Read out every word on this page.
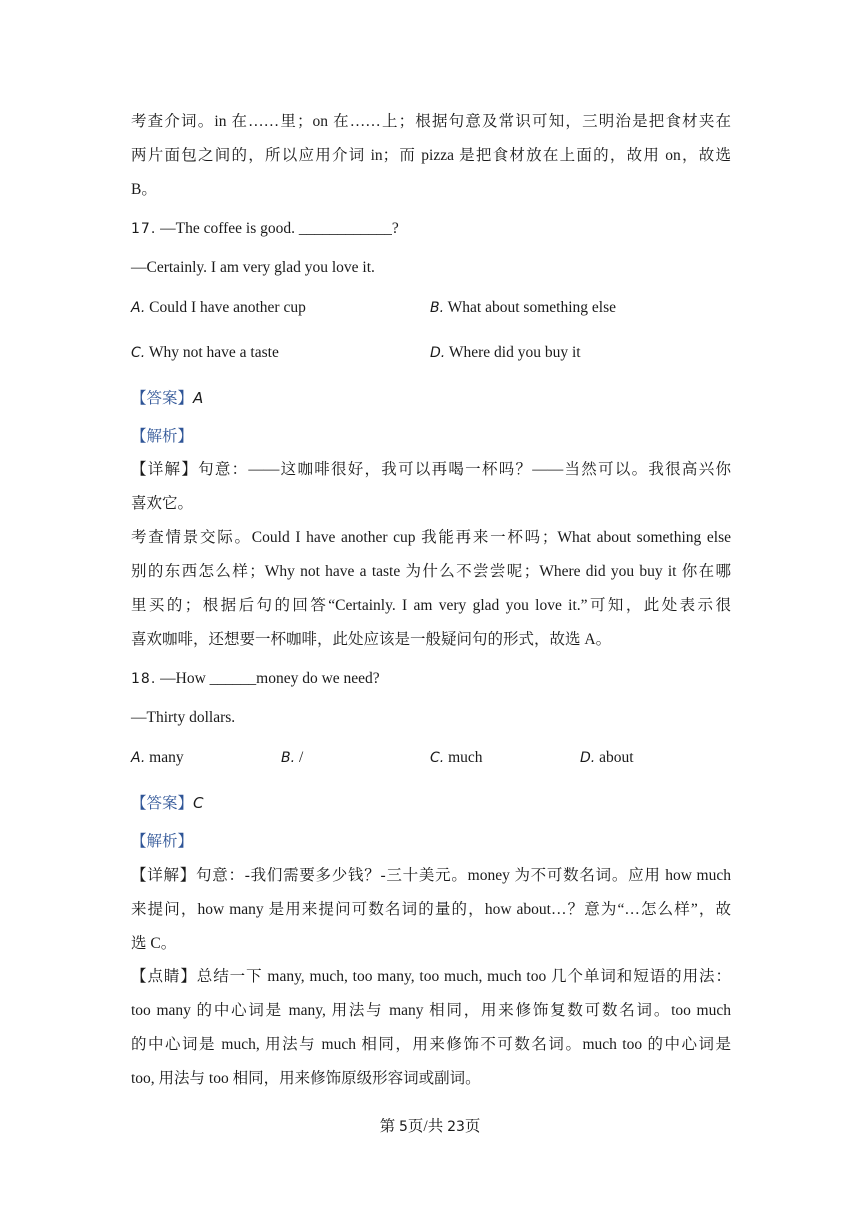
考查介词。in 在……里；on 在……上；根据句意及常识可知，三明治是把食材夹在
两片面包之间的，所以应用介词 in；而 pizza 是把食材放在上面的，故用 on，故选
B。
17. —The coffee is good. ____________?
—Certainly. I am very glad you love it.
A. Could I have another cup	B. What about something else
C. Why not have a taste	D. Where did you buy it
【答案】A
【解析】
【详解】句意：——这咖啡很好，我可以再喝一杯吗？——当然可以。我很高兴你
喜欢它。
考查情景交际。Could I have another cup 我能再来一杯吗；What about something else
别的东西怎么样；Why not have a taste 为什么不尝尝呢；Where did you buy it 你在哪
里买的；根据后句的回答“Certainly. I am very glad you love it.”可知，此处表示很
喜欢咖啡，还想要一杯咖啡，此处应该是一般疑问句的形式，故选 A。
18. —How ______money do we need?
—Thirty dollars.
A. many	B. /	C. much	D. about
【答案】C
【解析】
【详解】句意：-我们需要多少钱？-三十美元。money 为不可数名词。应用 how much
来提问，how many 是用来提问可数名词的量的，how about…？意为“…怎么样”，故
选 C。
【点睛】总结一下 many, much, too many, too much, much too 几个单词和短语的用法：
too many 的中心词是 many, 用法与 many 相同，用来修饰复数可数名词。too much
的中心词是 much, 用法与 much 相同，用来修饰不可数名词。much too 的中心词是
too, 用法与 too 相同，用来修饰原级形容词或副词。
第 5页/共 23页
